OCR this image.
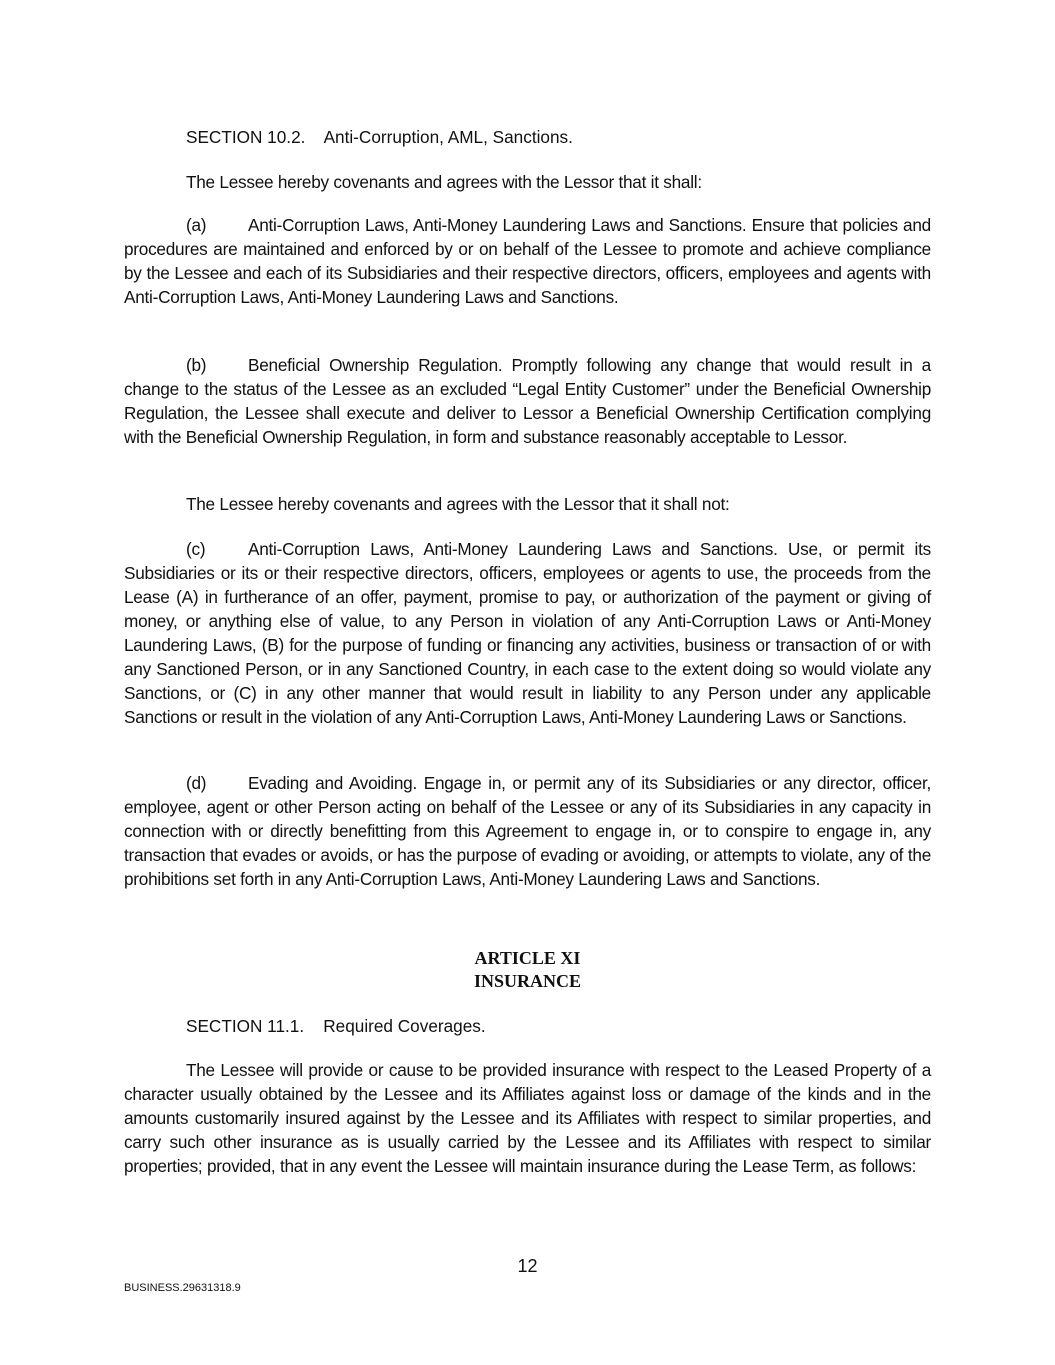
SECTION 10.2. Anti-Corruption, AML, Sanctions.
The Lessee hereby covenants and agrees with the Lessor that it shall:
(a) Anti-Corruption Laws, Anti-Money Laundering Laws and Sanctions. Ensure that policies and procedures are maintained and enforced by or on behalf of the Lessee to promote and achieve compliance by the Lessee and each of its Subsidiaries and their respective directors, officers, employees and agents with Anti-Corruption Laws, Anti-Money Laundering Laws and Sanctions.
(b) Beneficial Ownership Regulation. Promptly following any change that would result in a change to the status of the Lessee as an excluded “Legal Entity Customer” under the Beneficial Ownership Regulation, the Lessee shall execute and deliver to Lessor a Beneficial Ownership Certification complying with the Beneficial Ownership Regulation, in form and substance reasonably acceptable to Lessor.
The Lessee hereby covenants and agrees with the Lessor that it shall not:
(c) Anti-Corruption Laws, Anti-Money Laundering Laws and Sanctions. Use, or permit its Subsidiaries or its or their respective directors, officers, employees or agents to use, the proceeds from the Lease (A) in furtherance of an offer, payment, promise to pay, or authorization of the payment or giving of money, or anything else of value, to any Person in violation of any Anti-Corruption Laws or Anti-Money Laundering Laws, (B) for the purpose of funding or financing any activities, business or transaction of or with any Sanctioned Person, or in any Sanctioned Country, in each case to the extent doing so would violate any Sanctions, or (C) in any other manner that would result in liability to any Person under any applicable Sanctions or result in the violation of any Anti-Corruption Laws, Anti-Money Laundering Laws or Sanctions.
(d) Evading and Avoiding. Engage in, or permit any of its Subsidiaries or any director, officer, employee, agent or other Person acting on behalf of the Lessee or any of its Subsidiaries in any capacity in connection with or directly benefitting from this Agreement to engage in, or to conspire to engage in, any transaction that evades or avoids, or has the purpose of evading or avoiding, or attempts to violate, any of the prohibitions set forth in any Anti-Corruption Laws, Anti-Money Laundering Laws and Sanctions.
ARTICLE XI
INSURANCE
SECTION 11.1. Required Coverages.
The Lessee will provide or cause to be provided insurance with respect to the Leased Property of a character usually obtained by the Lessee and its Affiliates against loss or damage of the kinds and in the amounts customarily insured against by the Lessee and its Affiliates with respect to similar properties, and carry such other insurance as is usually carried by the Lessee and its Affiliates with respect to similar properties; provided, that in any event the Lessee will maintain insurance during the Lease Term, as follows:
12
BUSINESS.29631318.9
